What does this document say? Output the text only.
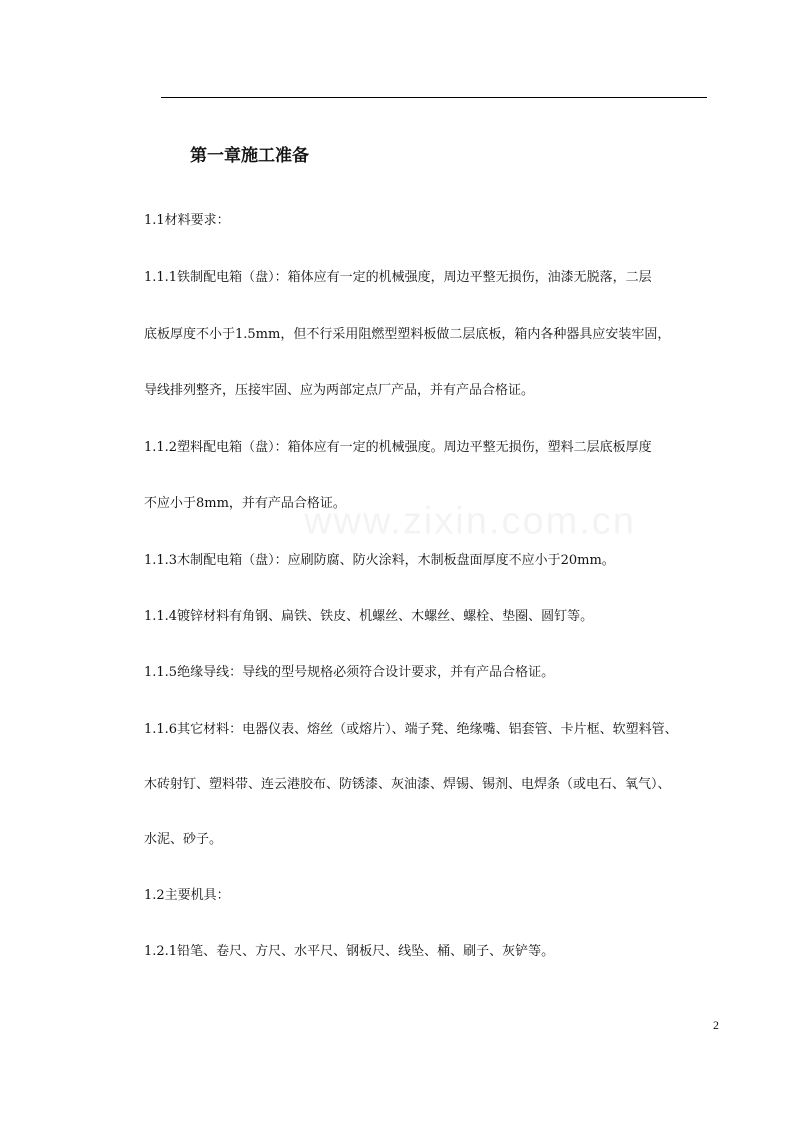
第一章施工准备
1.1材料要求：
1.1.1铁制配电箱（盘）：箱体应有一定的机械强度，周边平整无损伤，油漆无脱落，二层
底板厚度不小于1.5mm，但不行采用阻燃型塑料板做二层底板，箱内各种器具应安装牢固，
导线排列整齐，压接牢固、应为两部定点厂产品，并有产品合格证。
1.1.2塑料配电箱（盘）：箱体应有一定的机械强度。周边平整无损伤，塑料二层底板厚度
不应小于8mm，并有产品合格证。
1.1.3木制配电箱（盘）：应刷防腐、防火涂料，木制板盘面厚度不应小于20mm。
1.1.4镀锌材料有角钢、扁铁、铁皮、机螺丝、木螺丝、螺栓、垫圈、圆钉等。
1.1.5绝缘导线：导线的型号规格必须符合设计要求，并有产品合格证。
1.1.6其它材料：电器仪表、熔丝（或熔片）、端子凳、绝缘嘴、铝套管、卡片框、软塑料管、
木砖射钉、塑料带、连云港胶布、防锈漆、灰油漆、焊锡、锡剂、电焊条（或电石、氧气）、
水泥、砂子。
1.2主要机具：
1.2.1铅笔、卷尺、方尺、水平尺、钢板尺、线坠、桶、刷子、灰铲等。
2
